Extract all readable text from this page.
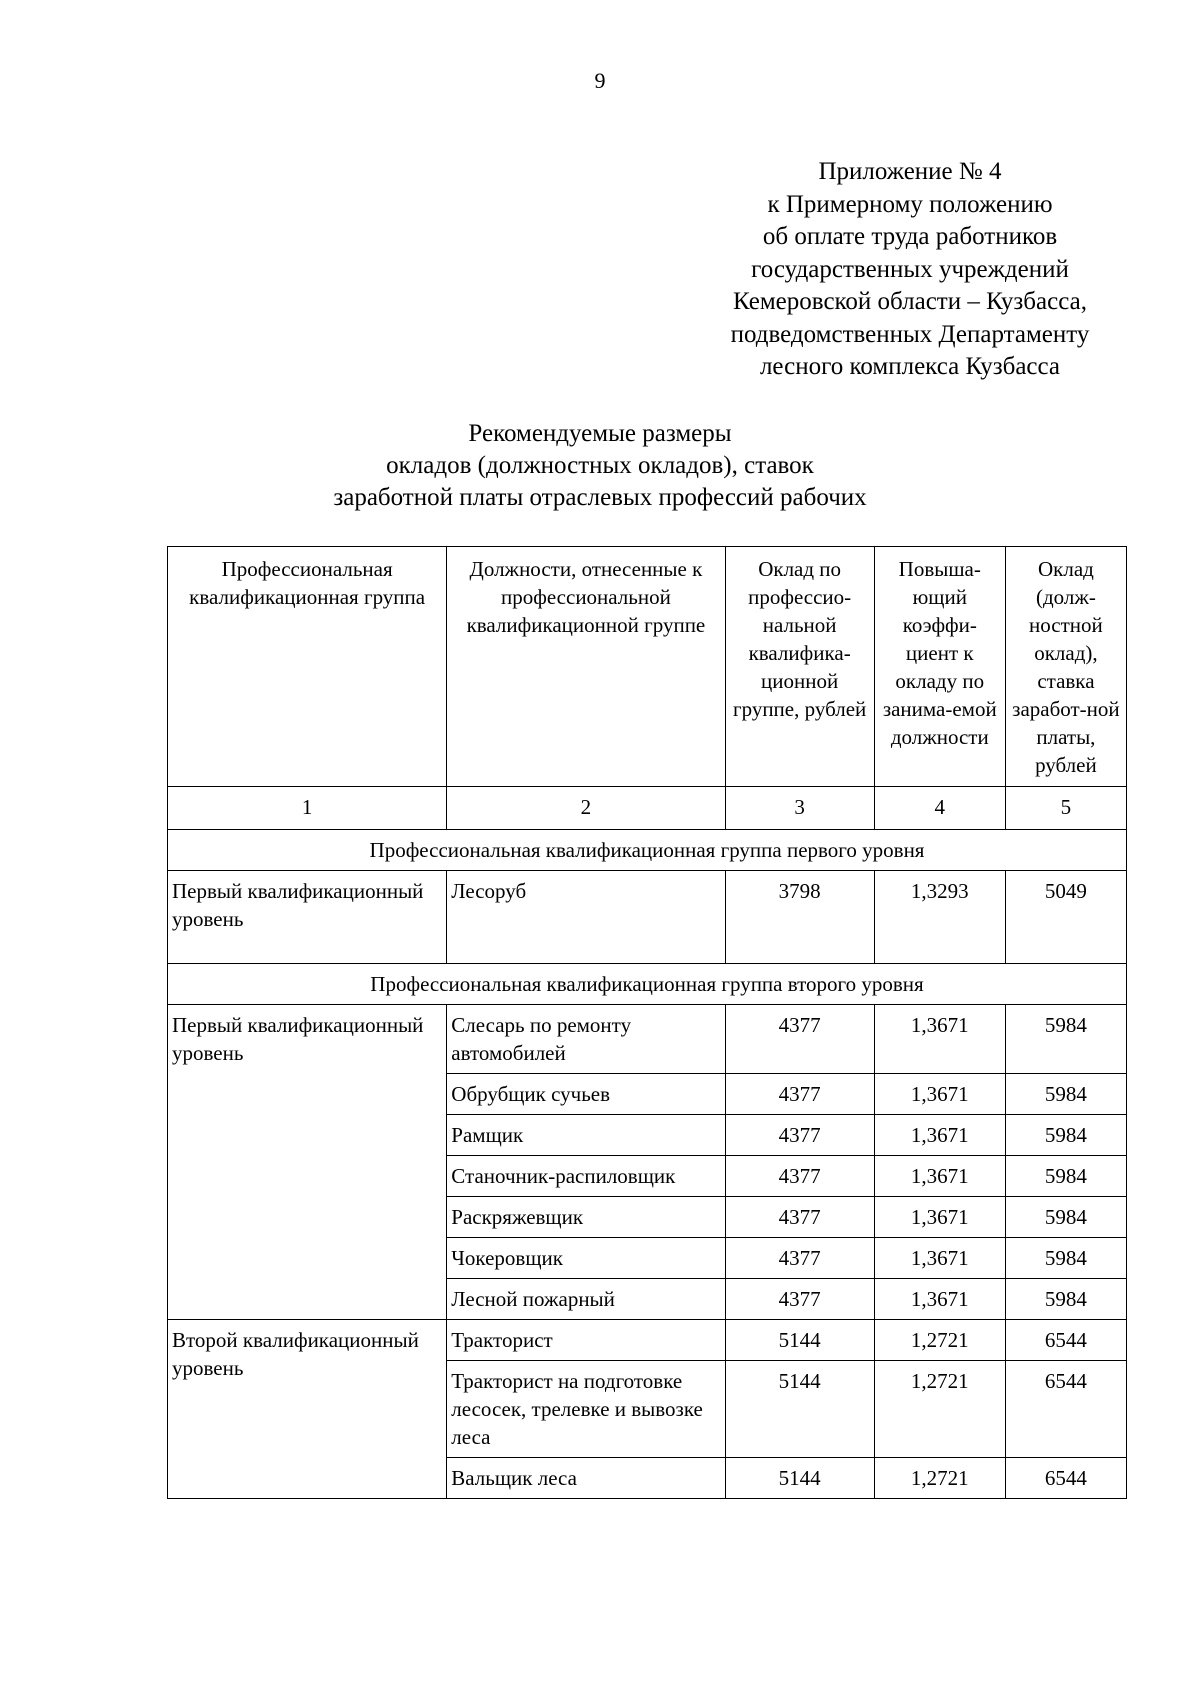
9
Приложение № 4
к Примерному положению
об оплате труда работников
государственных учреждений
Кемеровской области – Кузбасса,
подведомственных Департаменту
лесного комплекса Кузбасса
Рекомендуемые размеры
окладов (должностных окладов), ставок
заработной платы отраслевых профессий рабочих
Профессиональная квалификационная группа	Должности, отнесенные к профессиональной квалификационной группе	Оклад по профессио-нальной квалифика-ционной группе, рублей	Повыша-ющий коэффи-циент к окладу по занима-емой должности	Оклад (долж-ностной оклад), ставка заработ-ной платы, рублей
1	2	3	4	5
Профессиональная квалификационная группа первого уровня				
Первый квалификационный уровень	Лесоруб	3798	1,3293	5049
Профессиональная квалификационная группа второго уровня				
Первый квалификационный уровень	Слесарь по ремонту автомобилей	4377	1,3671	5984
	Обрубщик сучьев	4377	1,3671	5984
	Рамщик	4377	1,3671	5984
	Станочник-распиловщик	4377	1,3671	5984
	Раскряжевщик	4377	1,3671	5984
	Чокеровщик	4377	1,3671	5984
	Лесной пожарный	4377	1,3671	5984
Второй квалификационный уровень	Тракторист	5144	1,2721	6544
	Тракторист на подготовке лесосек, трелевке и вывозке леса	5144	1,2721	6544
	Вальщик леса	5144	1,2721	6544
